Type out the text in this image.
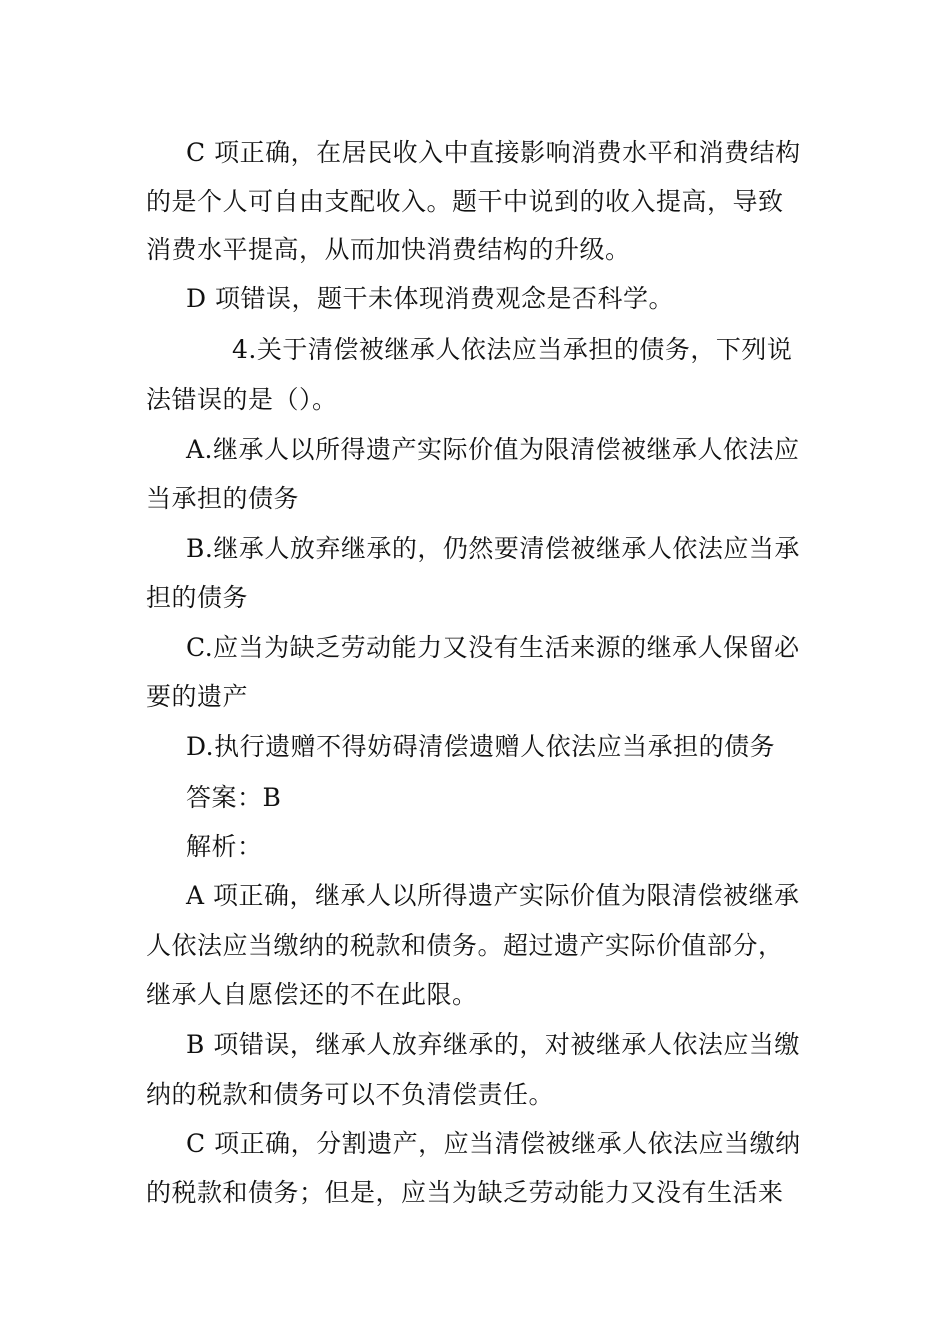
C 项正确，在居民收入中直接影响消费水平和消费结构
的是个人可自由支配收入。题干中说到的收入提高，导致
消费水平提高，从而加快消费结构的升级。
D 项错误，题干未体现消费观念是否科学。
4.关于清偿被继承人依法应当承担的债务，下列说
法错误的是（）。
A.继承人以所得遗产实际价值为限清偿被继承人依法应
当承担的债务
B.继承人放弃继承的，仍然要清偿被继承人依法应当承
担的债务
C.应当为缺乏劳动能力又没有生活来源的继承人保留必
要的遗产
D.执行遗赠不得妨碍清偿遗赠人依法应当承担的债务
答案：B
解析：
A 项正确，继承人以所得遗产实际价值为限清偿被继承
人依法应当缴纳的税款和债务。超过遗产实际价值部分，
继承人自愿偿还的不在此限。
B 项错误，继承人放弃继承的，对被继承人依法应当缴
纳的税款和债务可以不负清偿责任。
C 项正确，分割遗产，应当清偿被继承人依法应当缴纳
的税款和债务；但是，应当为缺乏劳动能力又没有生活来
